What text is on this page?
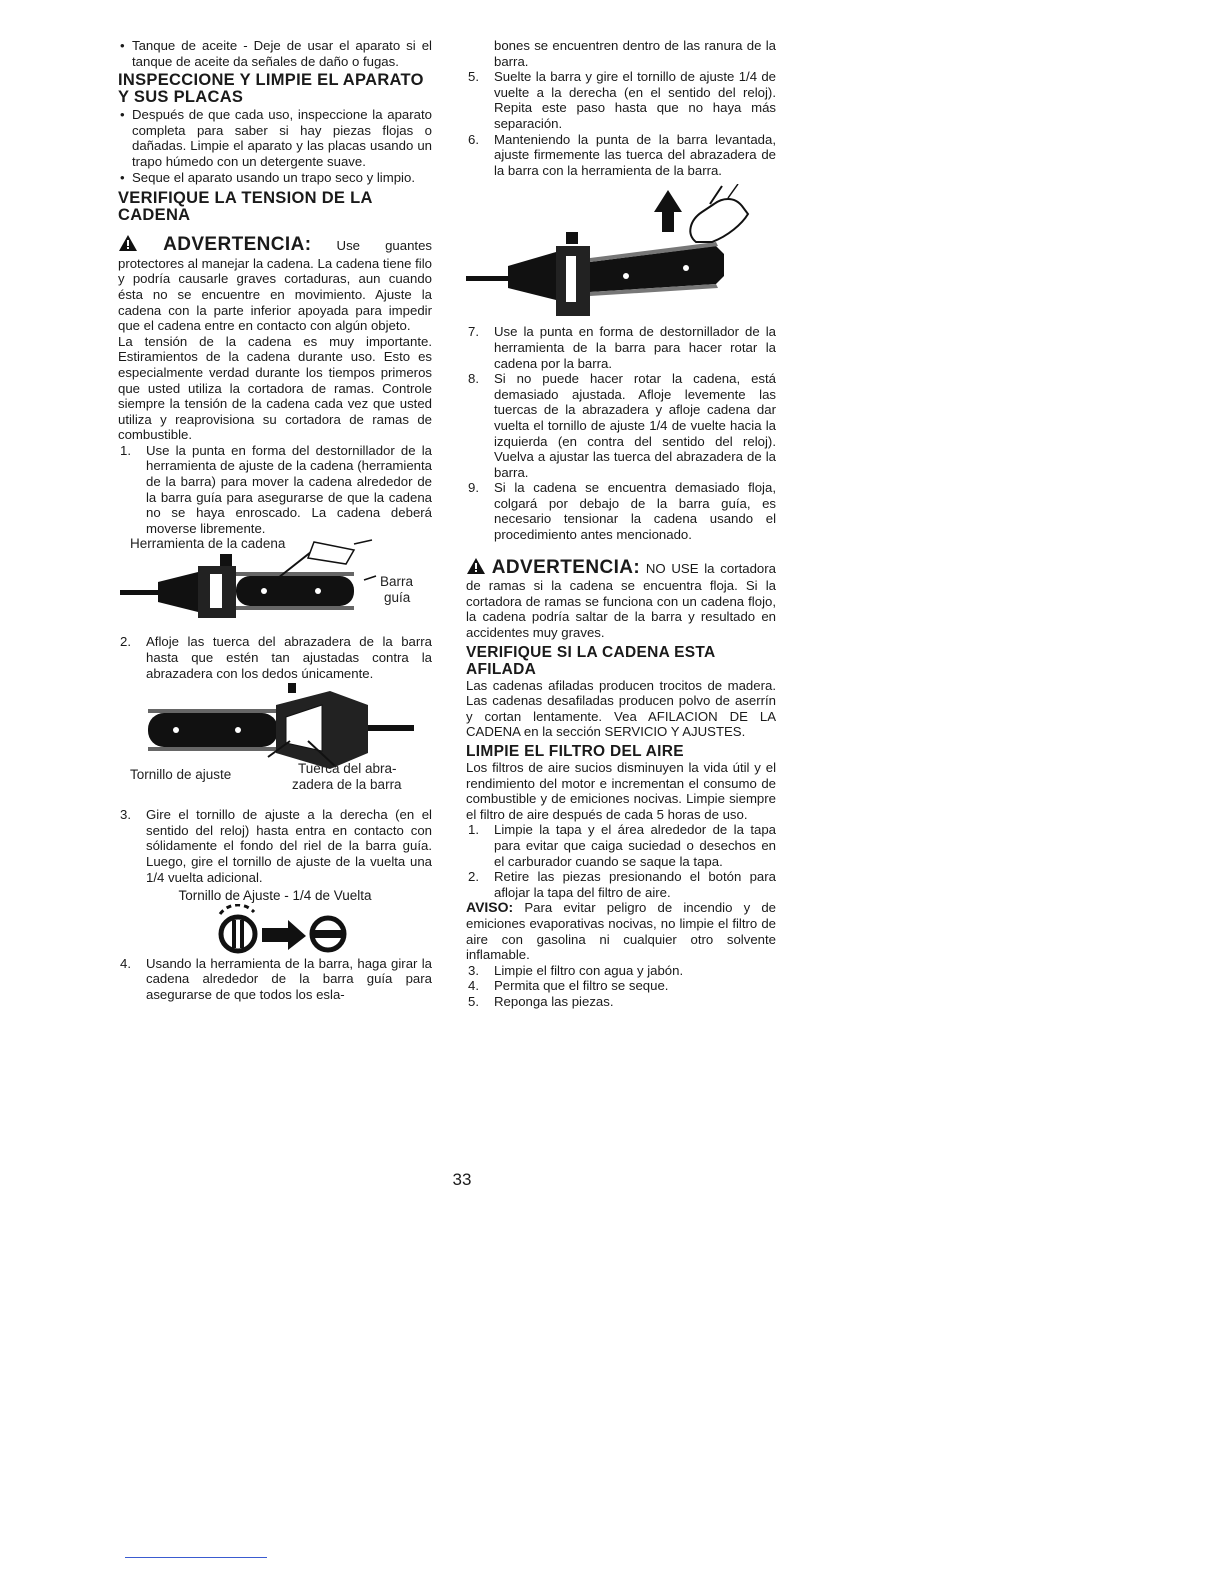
• Tanque de aceite - Deje de usar el aparato si el tanque de aceite da señales de daño o fugas.

INSPECCIONE Y LIMPIE EL APARATO Y SUS PLACAS

• Después de que cada uso, inspeccione la aparato completa para saber si hay piezas flojas o dañadas. Limpie el aparato y las placas usando un trapo húmedo con un detergente suave.

• Seque el aparato usando un trapo seco y limpio.

VERIFIQUE LA TENSION DE LA CADENA

ADVERTENCIA: Use guantes protectores al manejar la cadena. La cadena tiene filo y podría causarle graves cortaduras, aun cuando ésta no se encuentre en movimiento. Ajuste la cadena con la parte inferior apoyada para impedir que el cadena entre en contacto con algún objeto.

La tensión de la cadena es muy importante. Estiramientos de la cadena durante uso. Esto es especialmente verdad durante los tiempos primeros que usted utiliza la cortadora de ramas. Controle siempre la tensión de la cadena cada vez que usted utiliza y reaprovisiona su cortadora de ramas de combustible.

1. Use la punta en forma del destornillador de la herramienta de ajuste de la cadena (herramienta de la barra) para mover la cadena alrededor de la barra guía para asegurarse de que la cadena no se haya enroscado. La cadena deberá moverse libremente.
Herramienta de la cadena
Barra
guía
2. Afloje las tuerca del abrazadera de la barra hasta que estén tan ajustadas contra la abrazadera con los dedos únicamente.
Tornillo de ajuste	Tuerca del abra-
zadera de la barra
3. Gire el tornillo de ajuste a la derecha (en el sentido del reloj) hasta entra en contacto con sólidamente el fondo del riel de la barra guía. Luego, gire el tornillo de ajuste de la vuelta una 1/4 vuelta adicional.

Tornillo de Ajuste - 1/4 de Vuelta

4. Usando la herramienta de la barra, haga girar la cadena alrededor de la barra guía para asegurarse de que todos los esla-

bones se encuentren dentro de las ranura de la barra.

5. Suelte la barra y gire el tornillo de ajuste 1/4 de vuelte a la derecha (en el sentido del reloj). Repita este paso hasta que no haya más separación.
6. Manteniendo la punta de la barra levantada, ajuste firmemente las tuerca del abrazadera de la barra con la herramienta de la barra.
7. Use la punta en forma de destornillador de la herramienta de la barra para hacer rotar la cadena por la barra.
8. Si no puede hacer rotar la cadena, está demasiado ajustada. Afloje levemente las tuercas de la abrazadera y afloje cadena dar vuelta el tornillo de ajuste 1/4 de vuelte hacia la izquierda (en contra del sentido del reloj). Vuelva a ajustar las tuerca del abrazadera de la barra.
9. Si la cadena se encuentra demasiado floja, colgará por debajo de la barra guía, es necesario tensionar la cadena usando el procedimiento antes mencionado.

ADVERTENCIA: NO USE la cortadora de ramas si la cadena se encuentra floja. Si la cortadora de ramas se funciona con un cadena flojo, la cadena podría saltar de la barra y resultado en accidentes muy graves.

VERIFIQUE SI LA CADENA ESTA AFILADA

Las cadenas afiladas producen trocitos de madera. Las cadenas desafiladas producen polvo de aserrín y cortan lentamente. Vea AFILACION DE LA CADENA en la sección SERVICIO Y AJUSTES.

LIMPIE EL FILTRO DEL AIRE

Los filtros de aire sucios disminuyen la vida útil y el rendimiento del motor e incrementan el consumo de combustible y de emiciones nocivas. Limpie siempre el filtro de aire después de cada 5 horas de uso.

1. Limpie la tapa y el área alrededor de la tapa para evitar que caiga suciedad o desechos en el carburador cuando se saque la tapa.
2. Retire las piezas presionando el botón para aflojar la tapa del filtro de aire.

AVISO: Para evitar peligro de incendio y de emiciones evaporativas nocivas, no limpie el filtro de aire con gasolina ni cualquier otro solvente inflamable.

3. Limpie el filtro con agua y jabón.
4. Permita que el filtro se seque.
5. Reponga las piezas.
33
